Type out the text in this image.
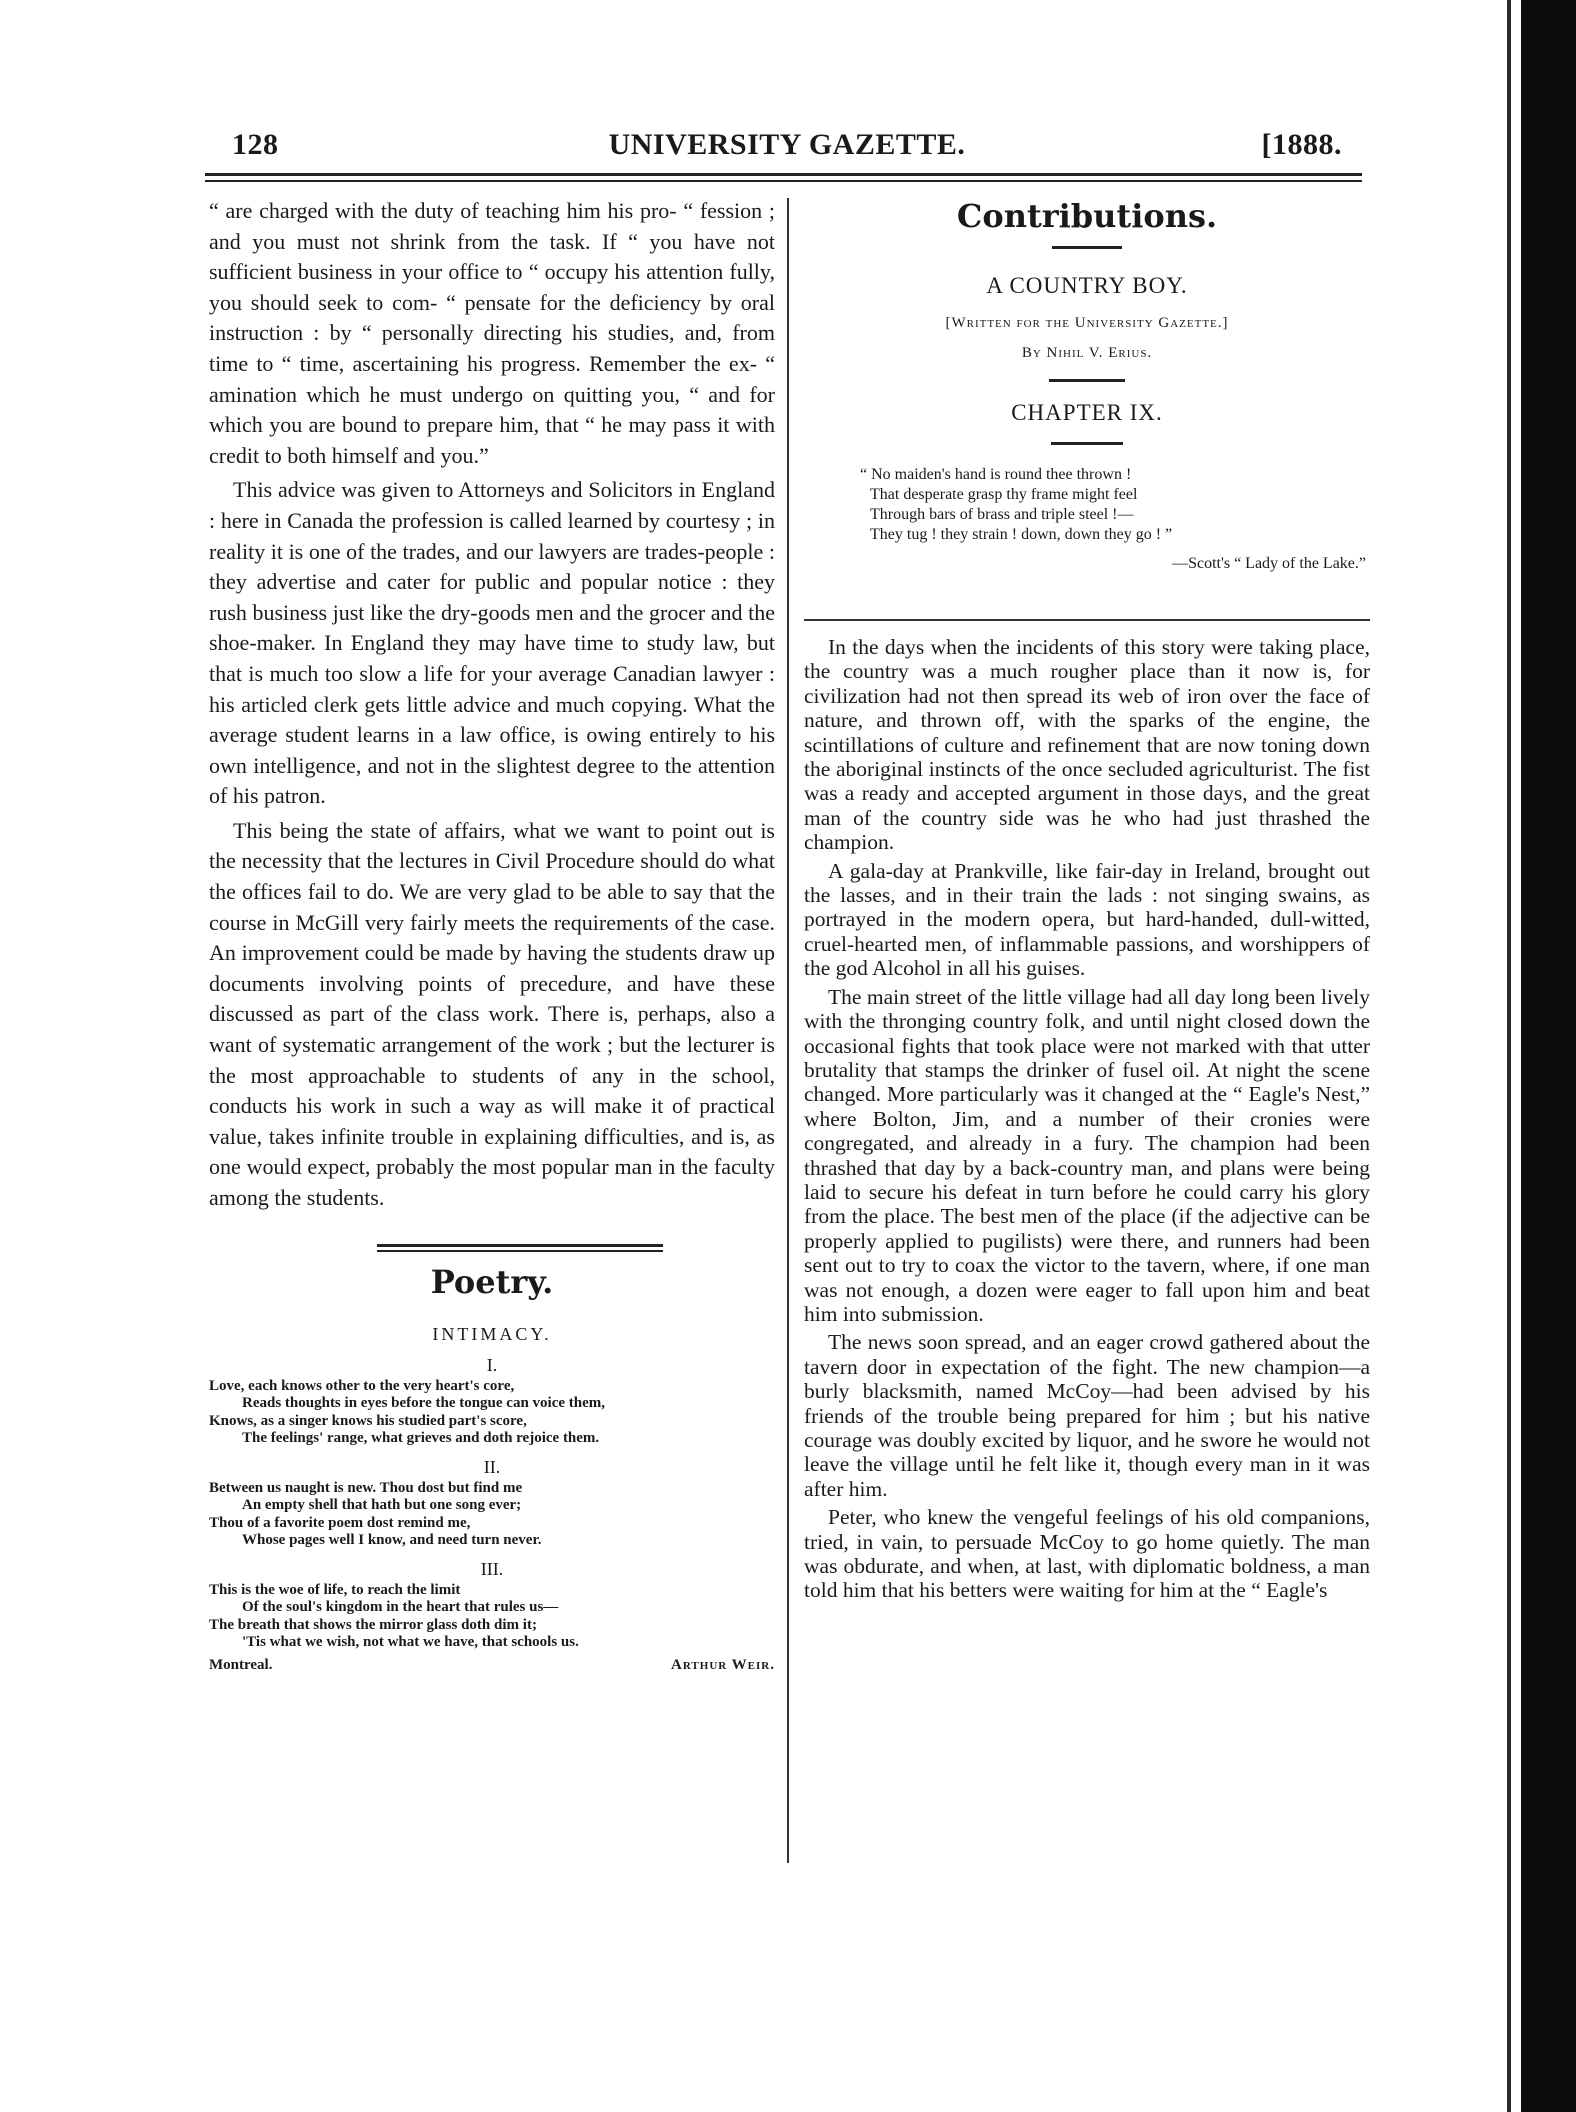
128	UNIVERSITY GAZETTE.	[1888.

“ are charged with the duty of teaching him his pro- “ fession ; and you must not shrink from the task. If “ you have not sufficient business in your office to “ occupy his attention fully, you should seek to com- “ pensate for the deficiency by oral instruction : by “ personally directing his studies, and, from time to “ time, ascertaining his progress. Remember the ex- “ amination which he must undergo on quitting you, “ and for which you are bound to prepare him, that “ he may pass it with credit to both himself and you.”

This advice was given to Attorneys and Solicitors in England : here in Canada the profession is called learned by courtesy ; in reality it is one of the trades, and our lawyers are trades-people : they advertise and cater for public and popular notice : they rush business just like the dry-goods men and the grocer and the shoe-maker. In England they may have time to study law, but that is much too slow a life for your average Canadian lawyer : his articled clerk gets little advice and much copying. What the average student learns in a law office, is owing entirely to his own intelligence, and not in the slightest degree to the attention of his patron.

This being the state of affairs, what we want to point out is the necessity that the lectures in Civil Procedure should do what the offices fail to do. We are very glad to be able to say that the course in McGill very fairly meets the requirements of the case. An improvement could be made by having the students draw up documents involving points of precedure, and have these discussed as part of the class work. There is, perhaps, also a want of systematic arrangement of the work ; but the lecturer is the most approachable to students of any in the school, conducts his work in such a way as will make it of practical value, takes infinite trouble in explaining difficulties, and is, as one would expect, probably the most popular man in the faculty among the students.

Poetry.
INTIMACY.
I.
Love, each knows other to the very heart's core,
Reads thoughts in eyes before the tongue can voice them,
Knows, as a singer knows his studied part's score,
The feelings' range, what grieves and doth rejoice them.
II.
Between us naught is new. Thou dost but find me
An empty shell that hath but one song ever;
Thou of a favorite poem dost remind me,
Whose pages well I know, and need turn never.
III.
This is the woe of life, to reach the limit
Of the soul's kingdom in the heart that rules us—
The breath that shows the mirror glass doth dim it;
'Tis what we wish, not what we have, that schools us.
Montreal.	Arthur Weir.
Contributions.
A COUNTRY BOY.
[Written for the University Gazette.]
By Nihil V. Erius.
CHAPTER IX.
“ No maiden's hand is round thee thrown !
That desperate grasp thy frame might feel
Through bars of brass and triple steel !—
They tug ! they strain ! down, down they go ! ”
—Scott's “ Lady of the Lake.”

In the days when the incidents of this story were taking place, the country was a much rougher place than it now is, for civilization had not then spread its web of iron over the face of nature, and thrown off, with the sparks of the engine, the scintillations of culture and refinement that are now toning down the aboriginal instincts of the once secluded agriculturist. The fist was a ready and accepted argument in those days, and the great man of the country side was he who had just thrashed the champion.

A gala-day at Prankville, like fair-day in Ireland, brought out the lasses, and in their train the lads : not singing swains, as portrayed in the modern opera, but hard-handed, dull-witted, cruel-hearted men, of inflammable passions, and worshippers of the god Alcohol in all his guises.

The main street of the little village had all day long been lively with the thronging country folk, and until night closed down the occasional fights that took place were not marked with that utter brutality that stamps the drinker of fusel oil. At night the scene changed. More particularly was it changed at the “ Eagle's Nest,” where Bolton, Jim, and a number of their cronies were congregated, and already in a fury. The champion had been thrashed that day by a back-country man, and plans were being laid to secure his defeat in turn before he could carry his glory from the place. The best men of the place (if the adjective can be properly applied to pugilists) were there, and runners had been sent out to try to coax the victor to the tavern, where, if one man was not enough, a dozen were eager to fall upon him and beat him into submission.

The news soon spread, and an eager crowd gathered about the tavern door in expectation of the fight. The new champion—a burly blacksmith, named McCoy—had been advised by his friends of the trouble being prepared for him ; but his native courage was doubly excited by liquor, and he swore he would not leave the village until he felt like it, though every man in it was after him.

Peter, who knew the vengeful feelings of his old companions, tried, in vain, to persuade McCoy to go home quietly. The man was obdurate, and when, at last, with diplomatic boldness, a man told him that his betters were waiting for him at the “ Eagle's
